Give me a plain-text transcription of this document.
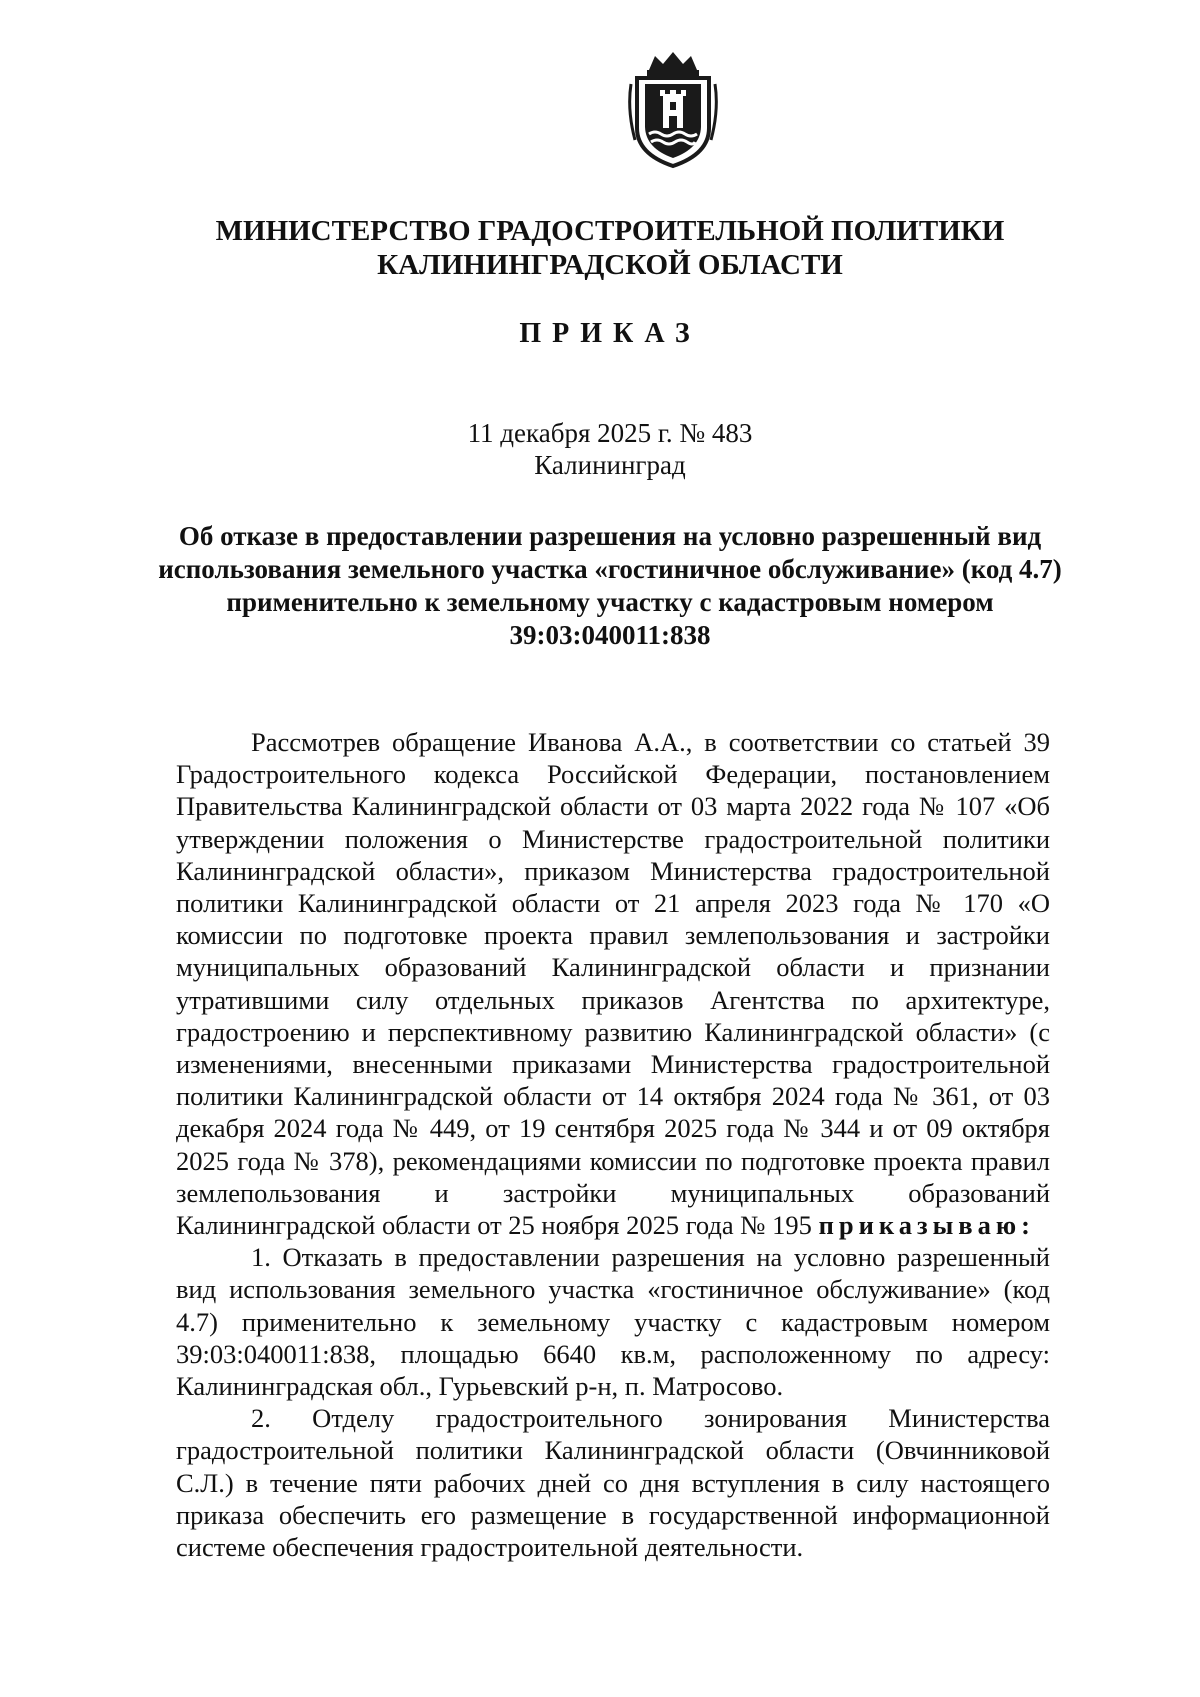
МИНИСТЕРСТВО ГРАДОСТРОИТЕЛЬНОЙ ПОЛИТИКИ
КАЛИНИНГРАДСКОЙ ОБЛАСТИ
ПРИКАЗ
11 декабря 2025 г. № 483
Калининград
Об отказе в предоставлении разрешения на условно разрешенный вид
использования земельного участка «гостиничное обслуживание» (код 4.7)
применительно к земельному участку с кадастровым номером
39:03:040011:838

Рассмотрев обращение Иванова А.А., в соответствии со статьей 39 Градостроительного кодекса Российской Федерации, постановлением Правительства Калининградской области от 03 марта 2022 года № 107 «Об утверждении положения о Министерстве градостроительной политики Калининградской области», приказом Министерства градостроительной политики Калининградской области от 21 апреля 2023 года № 170 «О комиссии по подготовке проекта правил землепользования и застройки муниципальных образований Калининградской области и признании утратившими силу отдельных приказов Агентства по архитектуре, градостроению и перспективному развитию Калининградской области» (с изменениями, внесенными приказами Министерства градостроительной политики Калининградской области от 14 октября 2024 года № 361, от 03 декабря 2024 года № 449, от 19 сентября 2025 года № 344 и от 09 октября 2025 года № 378), рекомендациями комиссии по подготовке проекта правил землепользования и застройки муниципальных образований Калининградской области от 25 ноября 2025 года № 195 приказываю:

1. Отказать в предоставлении разрешения на условно разрешенный вид использования земельного участка «гостиничное обслуживание» (код 4.7) применительно к земельному участку с кадастровым номером 39:03:040011:838, площадью 6640 кв.м, расположенному по адресу: Калининградская обл., Гурьевский р-н, п. Матросово.

2. Отделу градостроительного зонирования Министерства градостроительной политики Калининградской области (Овчинниковой С.Л.) в течение пяти рабочих дней со дня вступления в силу настоящего приказа обеспечить его размещение в государственной информационной системе обеспечения градостроительной деятельности.
